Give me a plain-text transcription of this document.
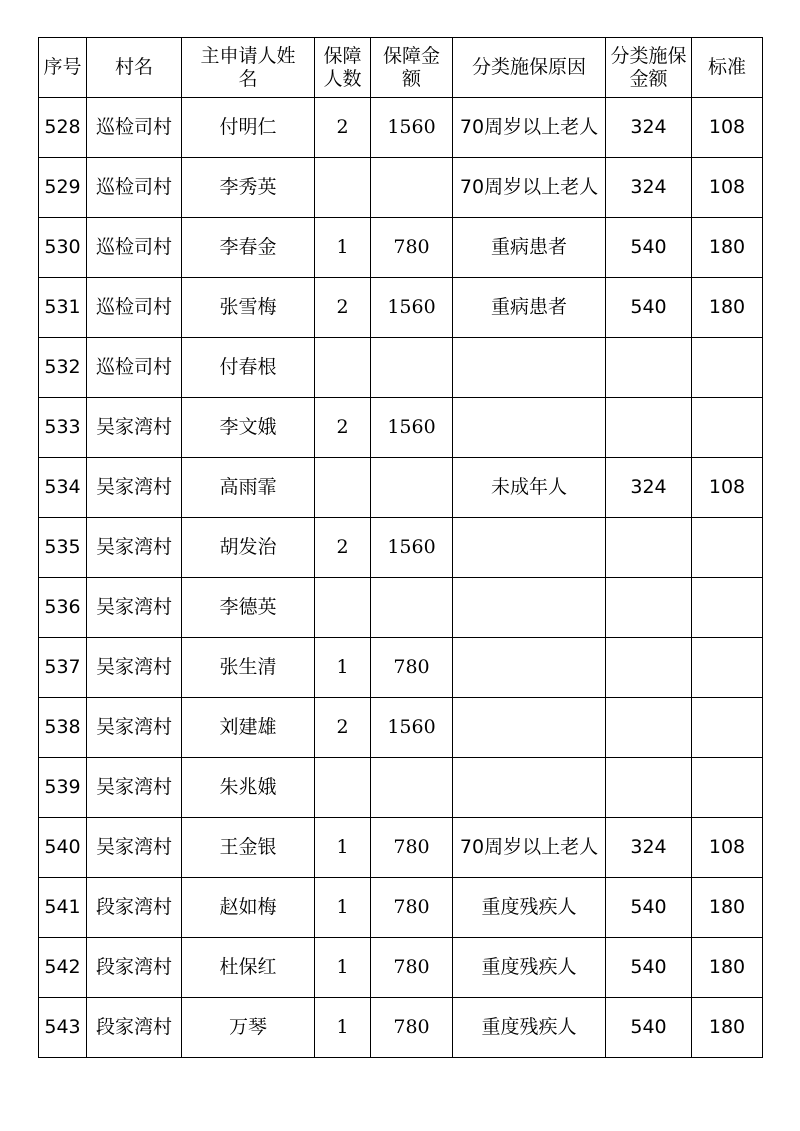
序号	村名	主申请人姓名	保障人数	保障金额	分类施保原因	分类施保金额	标准
528	巡检司村	付明仁	2	1560	70周岁以上老人	324	108
529	巡检司村	李秀英			70周岁以上老人	324	108
530	巡检司村	李春金	1	780	重病患者	540	180
531	巡检司村	张雪梅	2	1560	重病患者	540	180
532	巡检司村	付春根					
533	吴家湾村	李文娥	2	1560			
534	吴家湾村	高雨霏			未成年人	324	108
535	吴家湾村	胡发治	2	1560			
536	吴家湾村	李德英					
537	吴家湾村	张生清	1	780			
538	吴家湾村	刘建雄	2	1560			
539	吴家湾村	朱兆娥					
540	吴家湾村	王金银	1	780	70周岁以上老人	324	108
541	段家湾村	赵如梅	1	780	重度残疾人	540	180
542	段家湾村	杜保红	1	780	重度残疾人	540	180
543	段家湾村	万琴	1	780	重度残疾人	540	180
